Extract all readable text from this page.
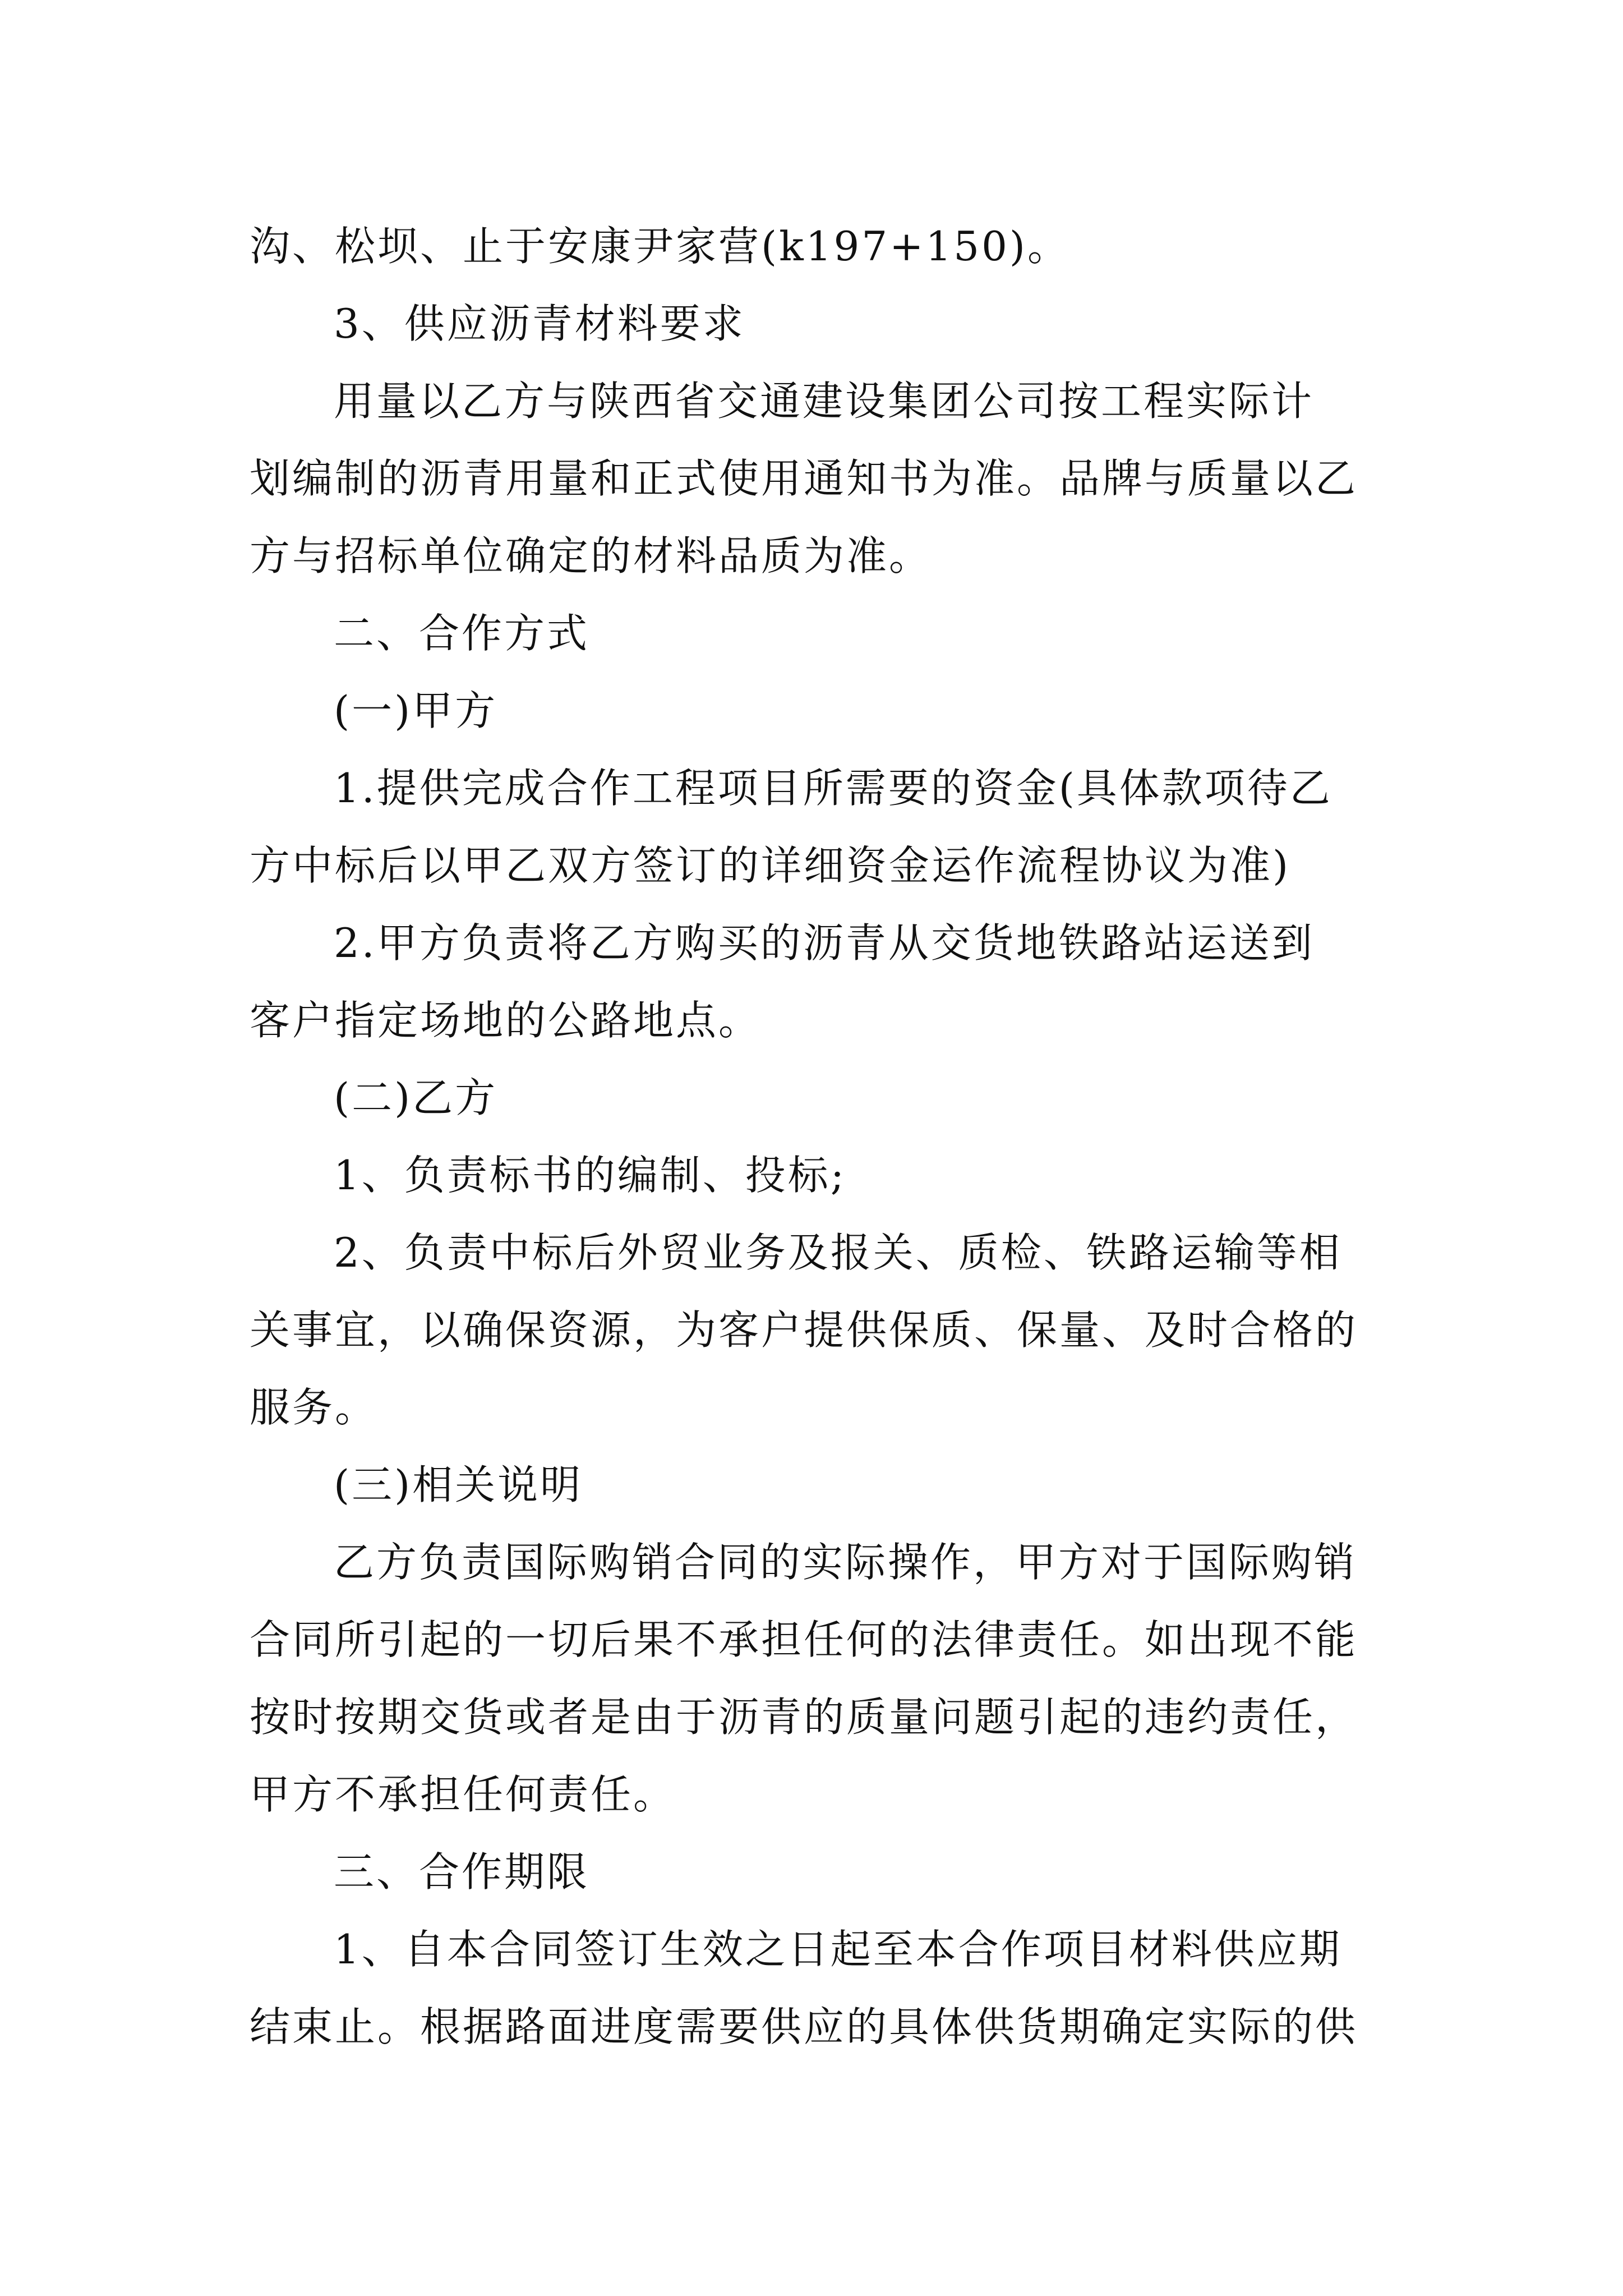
沟、松坝、止于安康尹家营(k197+150)。
3、供应沥青材料要求
用量以乙方与陕西省交通建设集团公司按工程实际计
划编制的沥青用量和正式使用通知书为准。品牌与质量以乙
方与招标单位确定的材料品质为准。
二、合作方式
(一)甲方
1.提供完成合作工程项目所需要的资金(具体款项待乙
方中标后以甲乙双方签订的详细资金运作流程协议为准)
2.甲方负责将乙方购买的沥青从交货地铁路站运送到
客户指定场地的公路地点。
(二)乙方
1、负责标书的编制、投标;
2、负责中标后外贸业务及报关、质检、铁路运输等相
关事宜，以确保资源，为客户提供保质、保量、及时合格的
服务。
(三)相关说明
乙方负责国际购销合同的实际操作，甲方对于国际购销
合同所引起的一切后果不承担任何的法律责任。如出现不能
按时按期交货或者是由于沥青的质量问题引起的违约责任，
甲方不承担任何责任。
三、合作期限
1、自本合同签订生效之日起至本合作项目材料供应期
结束止。根据路面进度需要供应的具体供货期确定实际的供
